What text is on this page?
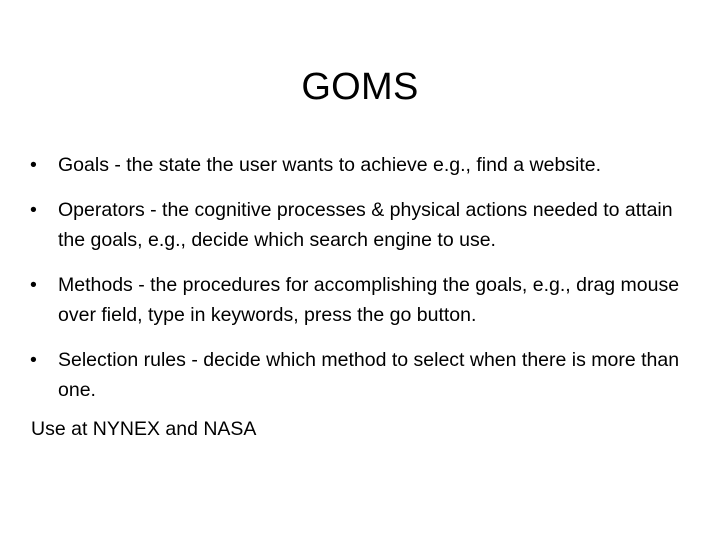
GOMS
•	Goals - the state the user wants to achieve e.g., find a website.
•	Operators - the cognitive processes & physical actions needed to attain the goals, e.g., decide which search engine to use.
•	Methods - the procedures for accomplishing the goals, e.g., drag mouse over field, type in keywords, press the go button.
•	Selection rules - decide which method to select when there is more than one.
Use at NYNEX and NASA
